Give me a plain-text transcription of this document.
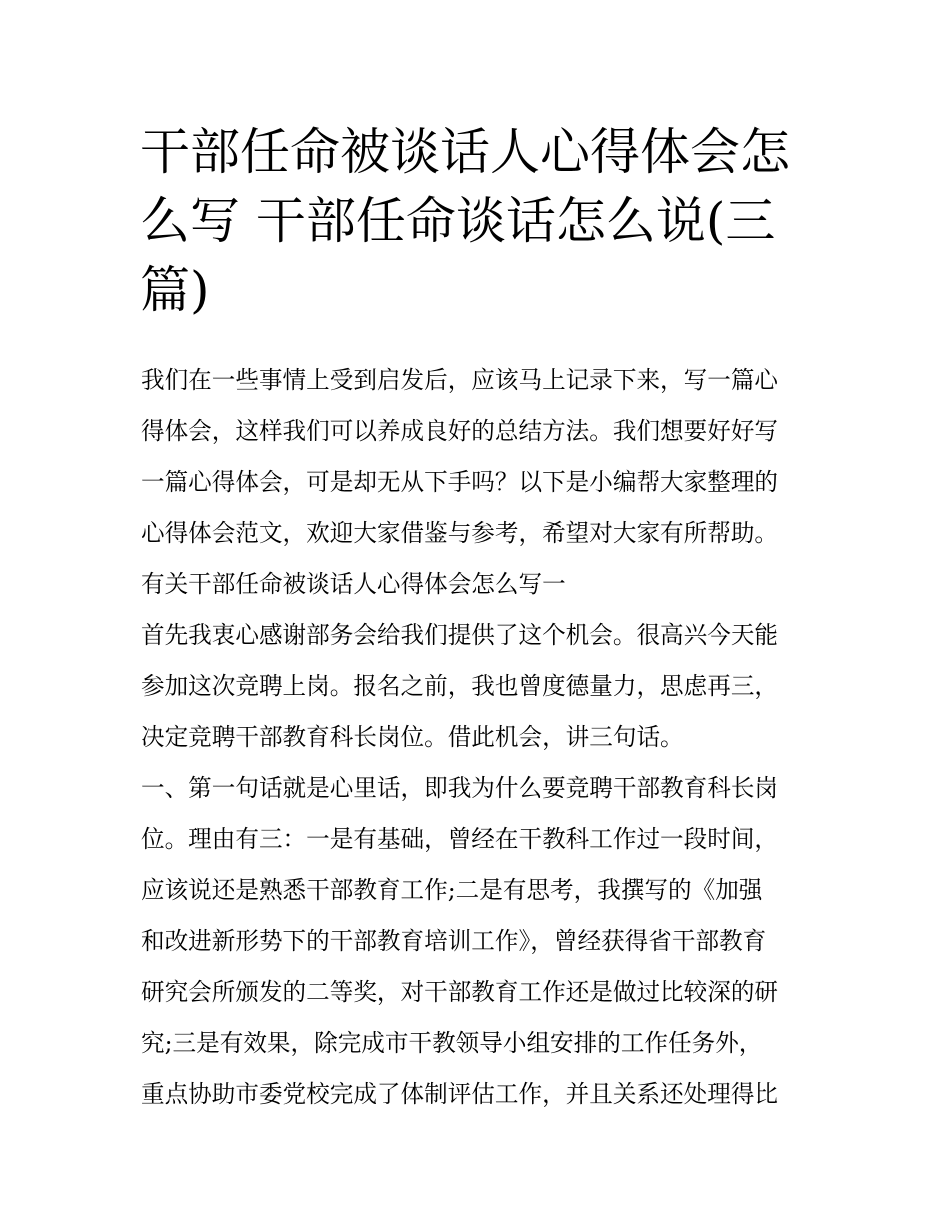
干部任命被谈话人心得体会怎
么写 干部任命谈话怎么说(三
篇)
我们在一些事情上受到启发后，应该马上记录下来，写一篇心
得体会，这样我们可以养成良好的总结方法。我们想要好好写
一篇心得体会，可是却无从下手吗？以下是小编帮大家整理的
心得体会范文，欢迎大家借鉴与参考，希望对大家有所帮助。
有关干部任命被谈话人心得体会怎么写一
首先我衷心感谢部务会给我们提供了这个机会。很高兴今天能
参加这次竞聘上岗。报名之前，我也曾度德量力，思虑再三，
决定竞聘干部教育科长岗位。借此机会，讲三句话。
一、第一句话就是心里话，即我为什么要竞聘干部教育科长岗
位。理由有三：一是有基础，曾经在干教科工作过一段时间，
应该说还是熟悉干部教育工作;二是有思考，我撰写的《加强
和改进新形势下的干部教育培训工作》，曾经获得省干部教育
研究会所颁发的二等奖，对干部教育工作还是做过比较深的研
究;三是有效果，除完成市干教领导小组安排的工作任务外，
重点协助市委党校完成了体制评估工作，并且关系还处理得比
